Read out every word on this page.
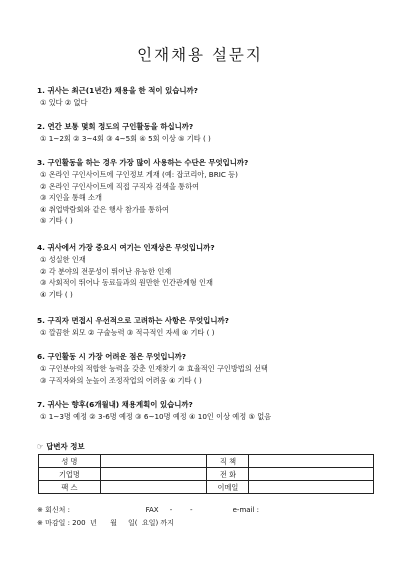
인재채용 설문지
1. 귀사는 최근(1년간) 채용을 한 적이 있습니까?
① 있다 ② 없다
2. 연간 보통 몇회 정도의 구인활동을 하십니까?
① 1~2회 ② 3~4회 ③ 4~5회 ④ 5회 이상 ⑤ 기타 ( )
3. 구인활동을 하는 경우 가장 많이 사용하는 수단은 무엇입니까?
① 온라인 구인사이트에 구인정보 게재 (예: 잡코리아, BRIC 등)
② 온라인 구인사이트에 직접 구직자 검색을 통하여
③ 지인을 통해 소개
④ 취업박람회와 같은 행사 참가를 통하여
⑤ 기타 ( )
4. 귀사에서 가장 중요시 여기는 인재상은 무엇입니까?
① 성실한 인재
② 각 분야의 전문성이 뛰어난 유능한 인재
③ 사회적이 뛰어나 동료들과의 원만한 인간관계형 인재
④ 기타 ( )
5. 구직자 면접시 우선적으로 고려하는 사항은 무엇입니까?
① 깔끔한 외모 ② 구술능력 ③ 적극적인 자세 ④ 기타 ( )
6. 구인활동 시 가장 어려운 점은 무엇입니까?
① 구인분야의 적합한 능력을 갖춘 인재찾기 ② 효율적인 구인방법의 선택
③ 구직자와의 눈높이 조정작업의 어려움 ④ 기타 ( )
7. 귀사는 향후(6개월내) 채용계획이 있습니까?
① 1~3명 예정 ② 3-6명 예정 ③ 6~10명 예정 ④ 10인 이상 예정 ⑤ 없음
☞ 답변자 정보
성 명		직 책	
기업명		전 화	
팩 스		이메일	
※ 회신처 :                                  FAX     -        -                  e-mail :
※ 마감일 : 200  년      월     일(  요일) 까지
